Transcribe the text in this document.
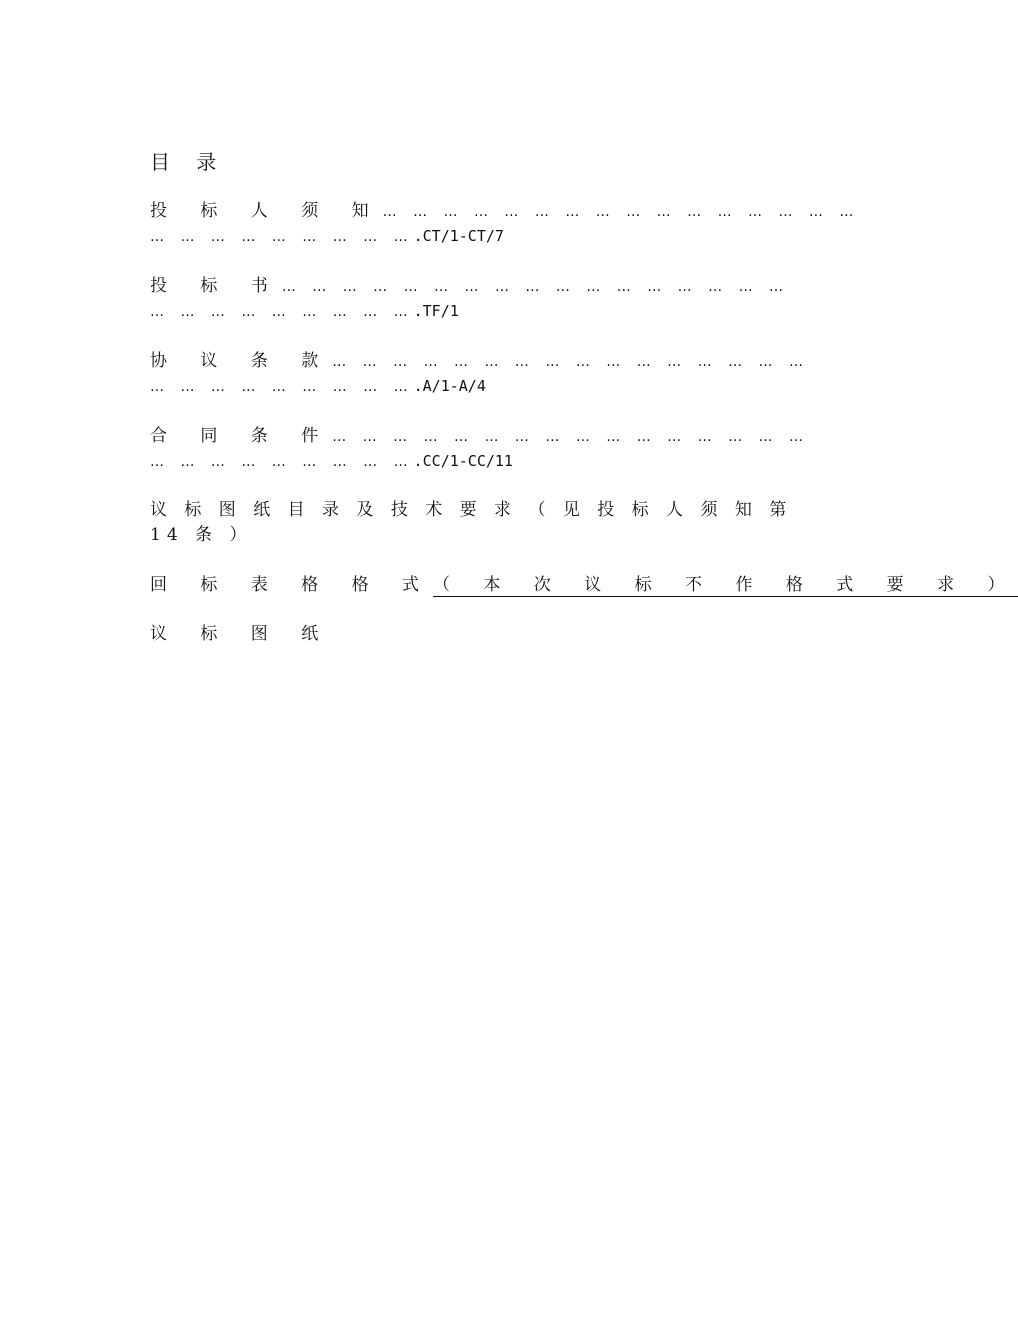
目 录
投 标 人 须 知… … … … … … … … … … … … … … … …
… … … … … … … … ….CT/1-CT/7
投 标 书… … … … … … … … … … … … … … … … …
… … … … … … … … ….TF/1
协 议 条 款… … … … … … … … … … … … … … … …
… … … … … … … … ….A/1-A/4
合 同 条 件… … … … … … … … … … … … … … … …
… … … … … … … … ….CC/1-CC/11
议 标 图 纸 目 录 及 技 术 要 求 （ 见 投 标 人 须 知 第
14 条 ）
回 标 表 格 格 式（ 本 次 议 标 不 作 格 式 要 求 ）
议 标 图 纸
